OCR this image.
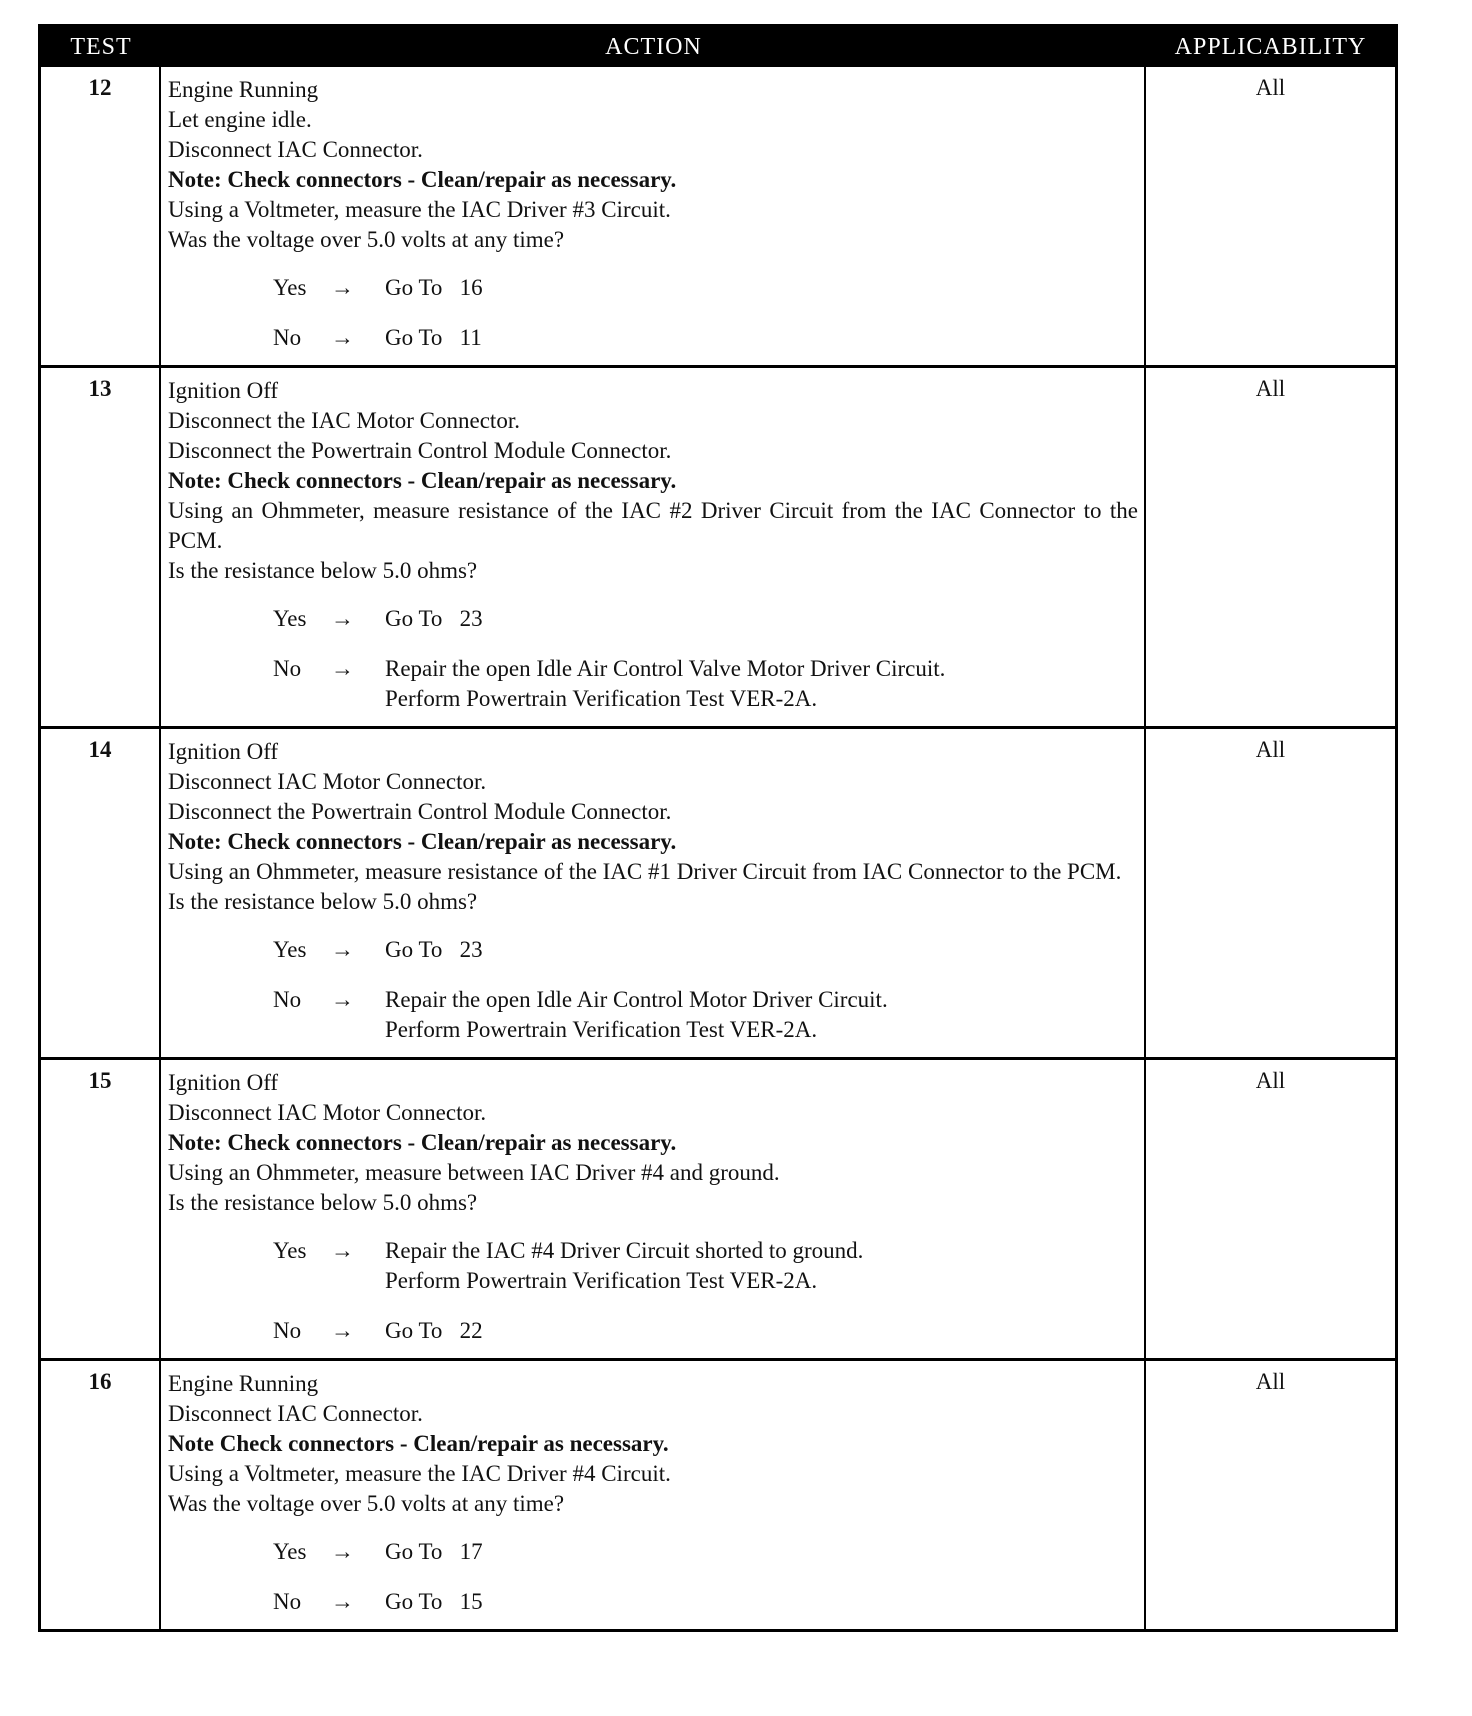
TEST	ACTION	APPLICABILITY
12	Engine Running
Let engine idle.
Disconnect IAC Connector.
Note: Check connectors - Clean/repair as necessary.
Using a Voltmeter, measure the IAC Driver #3 Circuit.
Was the voltage over 5.0 volts at any time?
Yes	→	Go To   16
No	→	Go To   11
All
13	Ignition Off
Disconnect the IAC Motor Connector.
Disconnect the Powertrain Control Module Connector.
Note: Check connectors - Clean/repair as necessary.
Using an Ohmmeter, measure resistance of the IAC #2 Driver Circuit from the IAC Connector to the PCM.
Is the resistance below 5.0 ohms?
Yes	→	Go To   23
No	→	Repair the open Idle Air Control Valve Motor Driver Circuit.
Perform Powertrain Verification Test VER-2A.
All
14	Ignition Off
Disconnect IAC Motor Connector.
Disconnect the Powertrain Control Module Connector.
Note: Check connectors - Clean/repair as necessary.
Using an Ohmmeter, measure resistance of the IAC #1 Driver Circuit from IAC Connector to the PCM.
Is the resistance below 5.0 ohms?
Yes	→	Go To   23
No	→	Repair the open Idle Air Control Motor Driver Circuit.
Perform Powertrain Verification Test VER-2A.
All
15	Ignition Off
Disconnect IAC Motor Connector.
Note: Check connectors - Clean/repair as necessary.
Using an Ohmmeter, measure between IAC Driver #4 and ground.
Is the resistance below 5.0 ohms?
Yes	→	Repair the IAC #4 Driver Circuit shorted to ground.
Perform Powertrain Verification Test VER-2A.
No	→	Go To   22
All
16	Engine Running
Disconnect IAC Connector.
Note Check connectors - Clean/repair as necessary.
Using a Voltmeter, measure the IAC Driver #4 Circuit.
Was the voltage over 5.0 volts at any time?
Yes	→	Go To   17
No	→	Go To   15
All
